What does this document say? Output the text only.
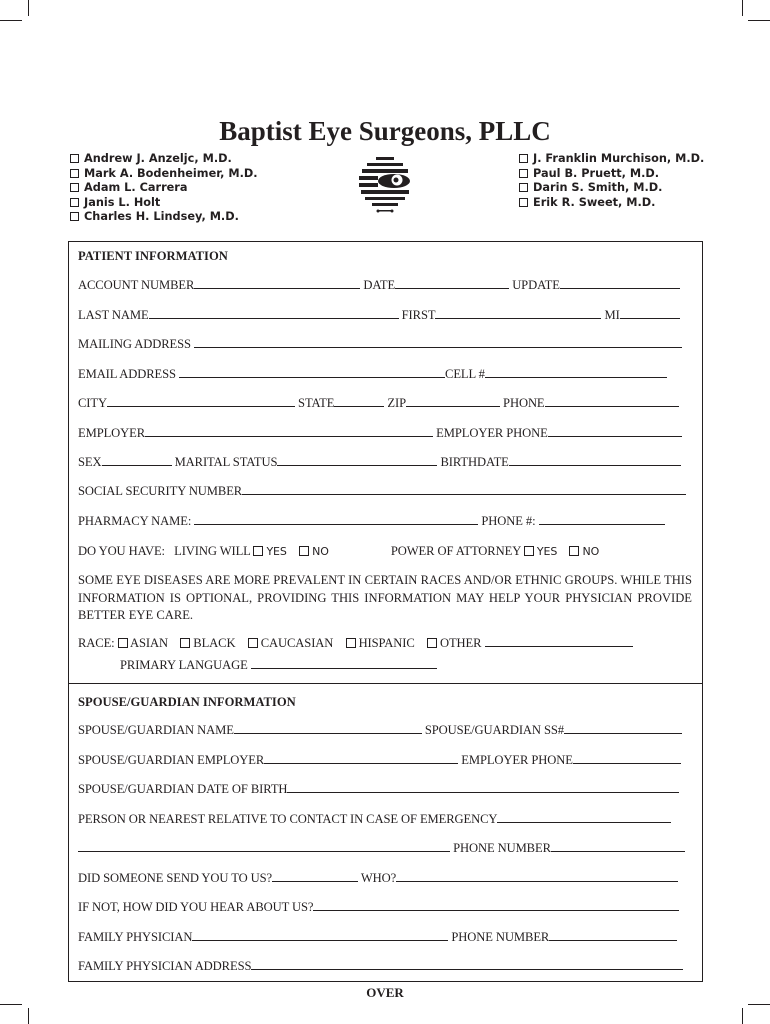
Baptist Eye Surgeons, PLLC
Andrew J. Anzeljc, M.D.
Mark A. Bodenheimer, M.D.
Adam L. Carrera
Janis L. Holt
Charles H. Lindsey, M.D.
J. Franklin Murchison, M.D.
Paul B. Pruett, M.D.
Darin S. Smith, M.D.
Erik R. Sweet, M.D.
PATIENT INFORMATION
ACCOUNT NUMBER	DATE	UPDATE
LAST NAME	FIRST	MI
MAILING ADDRESS
EMAIL ADDRESS	CELL #
CITY	STATE	ZIP	PHONE
EMPLOYER	EMPLOYER PHONE
SEX	MARITAL STATUS	BIRTHDATE
SOCIAL SECURITY NUMBER
PHARMACY NAME:	PHONE #:
DO YOU HAVE: LIVING WILL YES NO	POWER OF ATTORNEY YES NO
SOME EYE DISEASES ARE MORE PREVALENT IN CERTAIN RACES AND/OR ETHNIC GROUPS. WHILE THIS INFORMATION IS OPTIONAL, PROVIDING THIS INFORMATION MAY HELP YOUR PHYSICIAN PROVIDE BETTER EYE CARE.
RACE: ASIAN BLACK CAUCASIAN HISPANIC OTHER
PRIMARY LANGUAGE
SPOUSE/GUARDIAN INFORMATION
SPOUSE/GUARDIAN NAME	SPOUSE/GUARDIAN SS#
SPOUSE/GUARDIAN EMPLOYER	EMPLOYER PHONE
SPOUSE/GUARDIAN DATE OF BIRTH
PERSON OR NEAREST RELATIVE TO CONTACT IN CASE OF EMERGENCY
PHONE NUMBER
DID SOMEONE SEND YOU TO US?	WHO?
IF NOT, HOW DID YOU HEAR ABOUT US?
FAMILY PHYSICIAN	PHONE NUMBER
FAMILY PHYSICIAN ADDRESS
OVER
